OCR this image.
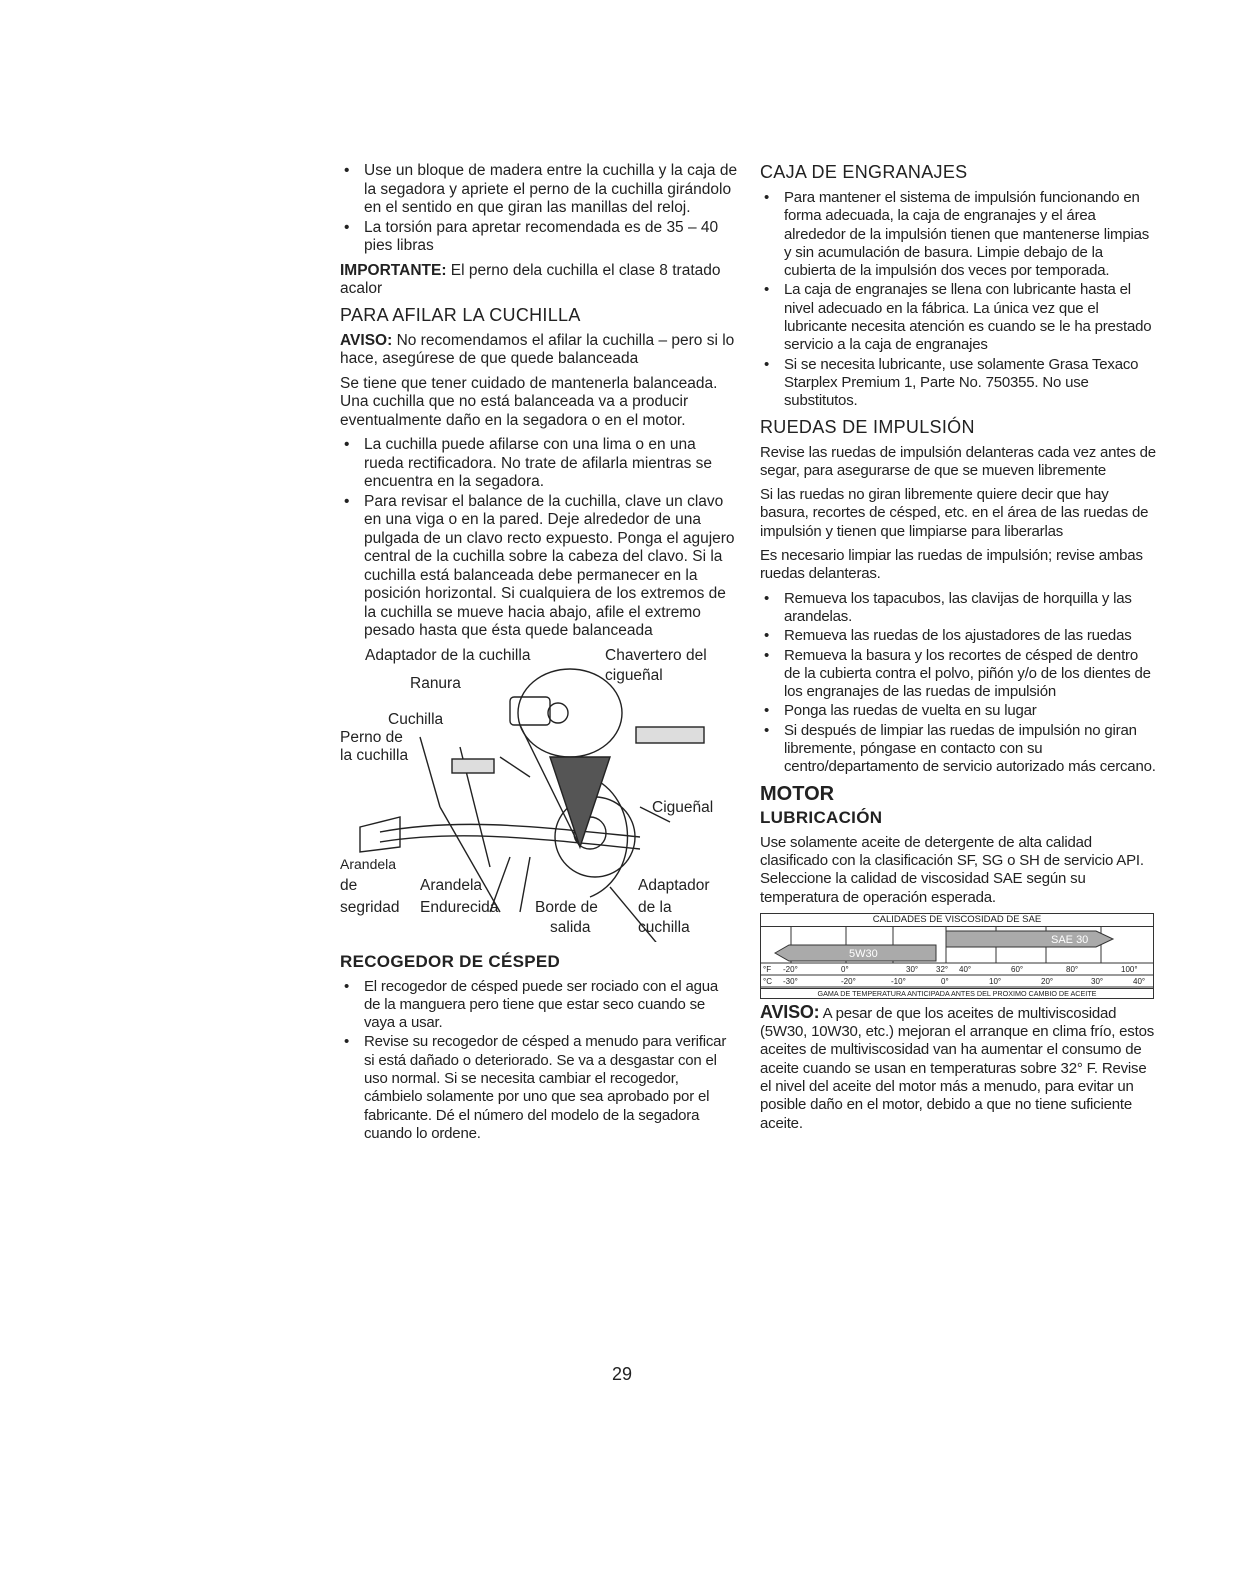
• Use un bloque de madera entre la cuchilla y la caja de la segadora y apriete el perno de la cuchilla girándolo en el sentido en que giran las manillas del reloj.
• La torsión para apretar recomendada es de 35 – 40 pies libras

IMPORTANTE: El perno dela cuchilla el clase 8 tratado acalor

PARA AFILAR LA CUCHILLA

AVISO: No recomendamos el afilar la cuchilla – pero si lo hace, asegúrese de que quede balanceada

Se tiene que tener cuidado de mantenerla balanceada. Una cuchilla que no está balanceada va a producir eventualmente daño en la segadora o en el motor.

• La cuchilla puede afilarse con una lima o en una rueda rectificadora. No trate de afilarla mientras se encuentra en la segadora.
• Para revisar el balance de la cuchilla, clave un clavo en una viga o en la pared. Deje alrededor de una pulgada de un clavo recto expuesto. Ponga el agujero central de la cuchilla sobre la cabeza del clavo. Si la cuchilla está balanceada debe permanecer en la posición horizontal. Si cualquiera de los extremos de la cuchilla se mueve hacia abajo, afile el extremo pesado hasta que ésta quede balanceada
Adaptador de la cuchilla	Chavertero del
cigueñal
Ranura
Cuchilla
Perno de
la cuchilla
Cigueñal
Arandela
de
segridad
Arandela
Endurecida Borde de
salida
Adaptador
de la
cuchilla
RECOGEDOR DE CÉSPED
• El recogedor de césped puede ser rociado con el agua de la manguera pero tiene que estar seco cuando se vaya a usar.
• Revise su recogedor de césped a menudo para verificar si está dañado o deteriorado. Se va a desgastar con el uso normal. Si se necesita cambiar el recogedor, cámbielo solamente por uno que sea aprobado por el fabricante. Dé el número del modelo de la segadora cuando lo ordene.
CAJA DE ENGRANAJES
• Para mantener el sistema de impulsión funcionando en forma adecuada, la caja de engranajes y el área alrededor de la impulsión tienen que mantenerse limpias y sin acumulación de basura. Limpie debajo de la cubierta de la impulsión dos veces por temporada.
• La caja de engranajes se llena con lubricante hasta el nivel adecuado en la fábrica. La única vez que el lubricante necesita atención es cuando se le ha prestado servicio a la caja de engranajes
• Si se necesita lubricante, use solamente Grasa Texaco Starplex Premium 1, Parte No. 750355. No use substitutos.
RUEDAS DE IMPULSIÓN

Revise las ruedas de impulsión delanteras cada vez antes de segar, para asegurarse de que se mueven libremente

Si las ruedas no giran libremente quiere decir que hay basura, recortes de césped, etc. en el área de las ruedas de impulsión y tienen que limpiarse para liberarlas

Es necesario limpiar las ruedas de impulsión; revise ambas ruedas delanteras.

• Remueva los tapacubos, las clavijas de horquilla y las arandelas.
• Remueva las ruedas de los ajustadores de las ruedas
• Remueva la basura y los recortes de césped de dentro de la cubierta contra el polvo, piñón y/o de los dientes de los engranajes de las ruedas de impulsión
• Ponga las ruedas de vuelta en su lugar
• Si después de limpiar las ruedas de impulsión no giran libremente, póngase en contacto con su centro/departamento de servicio autorizado más cercano.
MOTOR
LUBRICACIÓN

Use solamente aceite de detergente de alta calidad clasificado con la clasificación SF, SG o SH de servicio API. Seleccione la calidad de viscosidad SAE según su temperatura de operación esperada.

CALIDADES DE VISCOSIDAD DE SAE
5W30
SAE 30
°F -20°	0°	30° 32° 40°	60°	80°	100°
°C -30°	-20°	-10°	0°	10°	20°	30°	40°
GAMA DE TEMPERATURA ANTICIPADA ANTES DEL PROXIMO CAMBIO DE ACEITE

AVISO: A pesar de que los aceites de multiviscosidad (5W30, 10W30, etc.) mejoran el arranque en clima frío, estos aceites de multiviscosidad van ha aumentar el consumo de aceite cuando se usan en temperaturas sobre 32° F. Revise el nivel del aceite del motor más a menudo, para evitar un posible daño en el motor, debido a que no tiene suficiente aceite.

29
